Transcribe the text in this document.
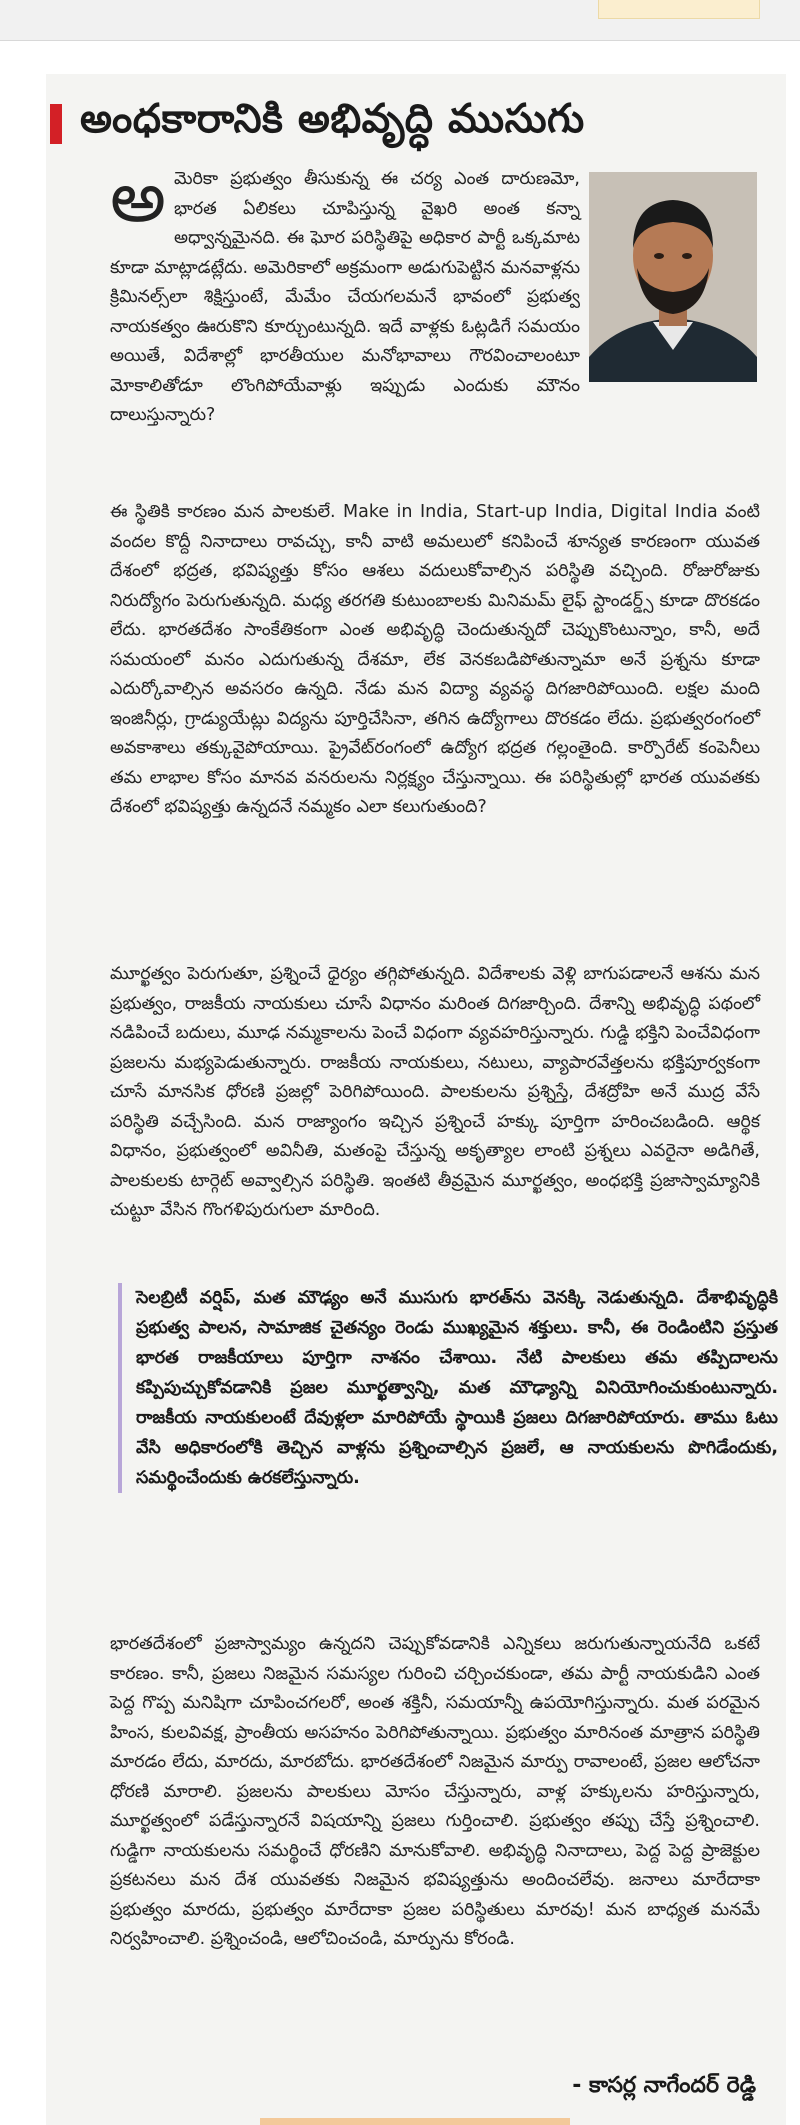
అంధకారానికి అభివృద్ధి ముసుగు
అమెరికా ప్రభుత్వం తీసుకున్న ఈ చర్య ఎంత దారుణమో, భారత ఏలికలు చూపిస్తున్న వైఖరి అంత కన్నా అధ్వాన్నమైనది. ఈ ఘోర పరిస్థితిపై అధికార పార్టీ ఒక్కమాట కూడా మాట్లాడట్లేదు. అమెరికాలో అక్రమంగా అడుగుపెట్టిన మనవాళ్లను క్రిమినల్స్‌లా శిక్షిస్తుంటే, మేమేం చేయగలమనే భావంలో ప్రభుత్వ నాయకత్వం ఊరుకొని కూర్చుంటున్నది. ఇదే వాళ్లకు ఓట్లడిగే సమయం అయితే, విదేశాల్లో భారతీయుల మనోభావాలు గౌరవించాలంటూ మోకాలితోడూ లొంగిపోయేవాళ్లు ఇప్పుడు ఎందుకు మౌనం దాలుస్తున్నారు?

ఈ స్థితికి కారణం మన పాలకులే. Make in India, Start-up India, Digital India వంటి వందల కొద్దీ నినాదాలు రావచ్చు, కానీ వాటి అమలులో కనిపించే శూన్యత కారణంగా యువత దేశంలో భద్రత, భవిష్యత్తు కోసం ఆశలు వదులుకోవాల్సిన పరిస్థితి వచ్చింది. రోజురోజుకు నిరుద్యోగం పెరుగుతున్నది. మధ్య తరగతి కుటుంబాలకు మినిమమ్ లైఫ్ స్టాండర్డ్స్ కూడా దొరకడం లేదు. భారతదేశం సాంకేతికంగా ఎంత అభివృద్ధి చెందుతున్నదో చెప్పుకొంటున్నాం, కానీ, అదే సమయంలో మనం ఎదుగుతున్న దేశమా, లేక వెనకబడిపోతున్నామా అనే ప్రశ్నను కూడా ఎదుర్కోవాల్సిన అవసరం ఉన్నది. నేడు మన విద్యా వ్యవస్థ దిగజారిపోయింది. లక్షల మంది ఇంజినీర్లు, గ్రాడ్యుయేట్లు విద్యను పూర్తిచేసినా, తగిన ఉద్యోగాలు దొరకడం లేదు. ప్రభుత్వరంగంలో అవకాశాలు తక్కువైపోయాయి. ప్రైవేట్‌రంగంలో ఉద్యోగ భద్రత గల్లంతైంది. కార్పొరేట్ కంపెనీలు తమ లాభాల కోసం మానవ వనరులను నిర్లక్ష్యం చేస్తున్నాయి. ఈ పరిస్థితుల్లో భారత యువతకు దేశంలో భవిష్యత్తు ఉన్నదనే నమ్మకం ఎలా కలుగుతుంది?

మూర్ఖత్వం పెరుగుతూ, ప్రశ్నించే ధైర్యం తగ్గిపోతున్నది. విదేశాలకు వెళ్లి బాగుపడాలనే ఆశను మన ప్రభుత్వం, రాజకీయ నాయకులు చూసే విధానం మరింత దిగజార్చింది. దేశాన్ని అభివృద్ధి పథంలో నడిపించే బదులు, మూఢ నమ్మకాలను పెంచే విధంగా వ్యవహరిస్తున్నారు. గుడ్డి భక్తిని పెంచేవిధంగా ప్రజలను మభ్యపెడుతున్నారు. రాజకీయ నాయకులు, నటులు, వ్యాపారవేత్తలను భక్తిపూర్వకంగా చూసే మానసిక ధోరణి ప్రజల్లో పెరిగిపోయింది. పాలకులను ప్రశ్నిస్తే, దేశద్రోహి అనే ముద్ర వేసే పరిస్థితి వచ్చేసింది. మన రాజ్యాంగం ఇచ్చిన ప్రశ్నించే హక్కు పూర్తిగా హరించబడింది. ఆర్థిక విధానం, ప్రభుత్వంలో అవినీతి, మతంపై చేస్తున్న అకృత్యాల లాంటి ప్రశ్నలు ఎవరైనా అడిగితే, పాలకులకు టార్గెట్ అవ్వాల్సిన పరిస్థితి. ఇంతటి తీవ్రమైన మూర్ఖత్వం, అంధభక్తి ప్రజాస్వామ్యానికి చుట్టూ వేసిన గొంగళిపురుగులా మారింది.

సెలబ్రిటీ వర్షిప్, మత మౌఢ్యం అనే ముసుగు భారత్‌ను వెనక్కి నెడుతున్నది. దేశాభివృద్ధికి ప్రభుత్వ పాలన, సామాజిక చైతన్యం రెండు ముఖ్యమైన శక్తులు. కానీ, ఈ రెండింటిని ప్రస్తుత భారత రాజకీయాలు పూర్తిగా నాశనం చేశాయి. నేటి పాలకులు తమ తప్పిదాలను కప్పిపుచ్చుకోవడానికి ప్రజల మూర్ఖత్వాన్ని, మత మౌఢ్యాన్ని వినియోగించుకుంటున్నారు. రాజకీయ నాయకులంటే దేవుళ్లలా మారిపోయే స్థాయికి ప్రజలు దిగజారిపోయారు. తాము ఓటు వేసి అధికారంలోకి తెచ్చిన వాళ్లను ప్రశ్నించాల్సిన ప్రజలే, ఆ నాయకులను పొగిడేందుకు, సమర్థించేందుకు ఉరకలేస్తున్నారు.

భారతదేశంలో ప్రజాస్వామ్యం ఉన్నదని చెప్పుకోవడానికి ఎన్నికలు జరుగుతున్నాయనేది ఒకటే కారణం. కానీ, ప్రజలు నిజమైన సమస్యల గురించి చర్చించకుండా, తమ పార్టీ నాయకుడిని ఎంత పెద్ద గొప్ప మనిషిగా చూపించగలరో, అంత శక్తినీ, సమయాన్నీ ఉపయోగిస్తున్నారు. మత పరమైన హింస, కులవివక్ష, ప్రాంతీయ అసహనం పెరిగిపోతున్నాయి. ప్రభుత్వం మారినంత మాత్రాన పరిస్థితి మారడం లేదు, మారదు, మారబోదు. భారతదేశంలో నిజమైన మార్పు రావాలంటే, ప్రజల ఆలోచనా ధోరణి మారాలి. ప్రజలను పాలకులు మోసం చేస్తున్నారు, వాళ్ల హక్కులను హరిస్తున్నారు, మూర్ఖత్వంలో పడేస్తున్నారనే విషయాన్ని ప్రజలు గుర్తించాలి. ప్రభుత్వం తప్పు చేస్తే ప్రశ్నించాలి. గుడ్డిగా నాయకులను సమర్థించే ధోరణిని మానుకోవాలి. అభివృద్ధి నినాదాలు, పెద్ద పెద్ద ప్రాజెక్టుల ప్రకటనలు మన దేశ యువతకు నిజమైన భవిష్యత్తును అందించలేవు. జనాలు మారేదాకా ప్రభుత్వం మారదు, ప్రభుత్వం మారేదాకా ప్రజల పరిస్థితులు మారవు! మన బాధ్యత మనమే నిర్వహించాలి. ప్రశ్నించండి, ఆలోచించండి, మార్పును కోరండి.

- కాసర్ల నాగేందర్ రెడ్డి
